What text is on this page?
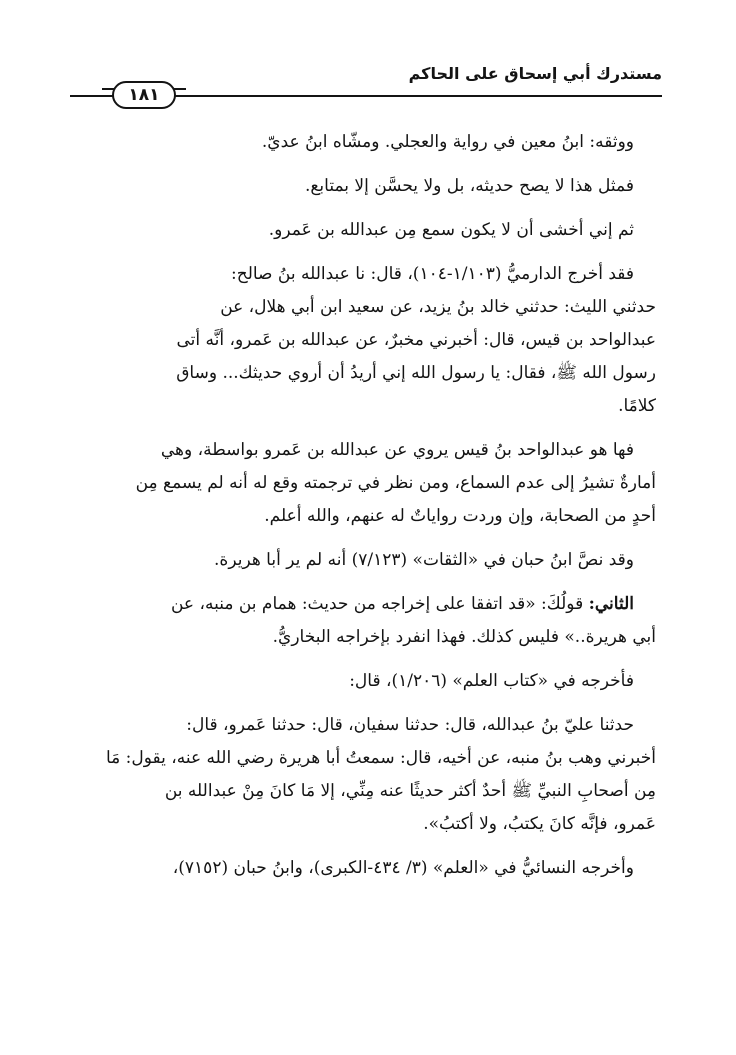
مستدرك أبي إسحاق على الحاكم
١٨١
ووثقه: ابنُ معين في رواية والعجلي. ومشّاه ابنُ عديّ.
فمثل هذا لا يصح حديثه، بل ولا يحسَّن إلا بمتابع.
ثم إني أخشى أن لا يكون سمع مِن عبدالله بن عَمرو.
فقد أخرج الدارميُّ (١/١٠٣-١٠٤)، قال: نا عبدالله بنُ صالح:
حدثني الليث: حدثني خالد بنُ يزيد، عن سعيد ابن أبي هلال، عن
عبدالواحد بن قيس، قال: أخبرني مخبرٌ، عن عبدالله بن عَمرو، أنَّه أتى
رسول الله ﷺ، فقال: يا رسول الله إني أريدُ أن أروي حديثك... وساق
كلامًا.
فها هو عبدالواحد بنُ قيس يروي عن عبدالله بن عَمرو بواسطة، وهي
أمارةٌ تشيرُ إلى عدم السماع، ومن نظر في ترجمته وقع له أنه لم يسمع مِن
أحدٍ من الصحابة، وإن وردت رواياتٌ له عنهم، والله أعلم.
وقد نصَّ ابنُ حبان في «الثقات» (٧/١٢٣) أنه لم ير أبا هريرة.
الثاني: قولُكَ: «قد اتفقا على إخراجه من حديث: همام بن منبه، عن
أبي هريرة..» فليس كذلك. فهذا انفرد بإخراجه البخاريُّ.
فأخرجه في «كتاب العلم» (١/٢٠٦)، قال:
حدثنا عليّ بنُ عبدالله، قال: حدثنا سفيان، قال: حدثنا عَمرو، قال:
أخبرني وهب بنُ منبه، عن أخيه، قال: سمعتُ أبا هريرة رضي الله عنه، يقول: مَا
مِن أصحابِ النبيِّ ﷺ أحدٌ أكثر حديثًا عنه مِنِّي، إلا مَا كانَ مِنْ عبدالله بن
عَمرو، فإنَّه كانَ يكتبُ، ولا أكتبُ».
وأخرجه النسائيُّ في «العلم» (٣/ ٤٣٤-الكبرى)، وابنُ حبان (٧١٥٢)،
